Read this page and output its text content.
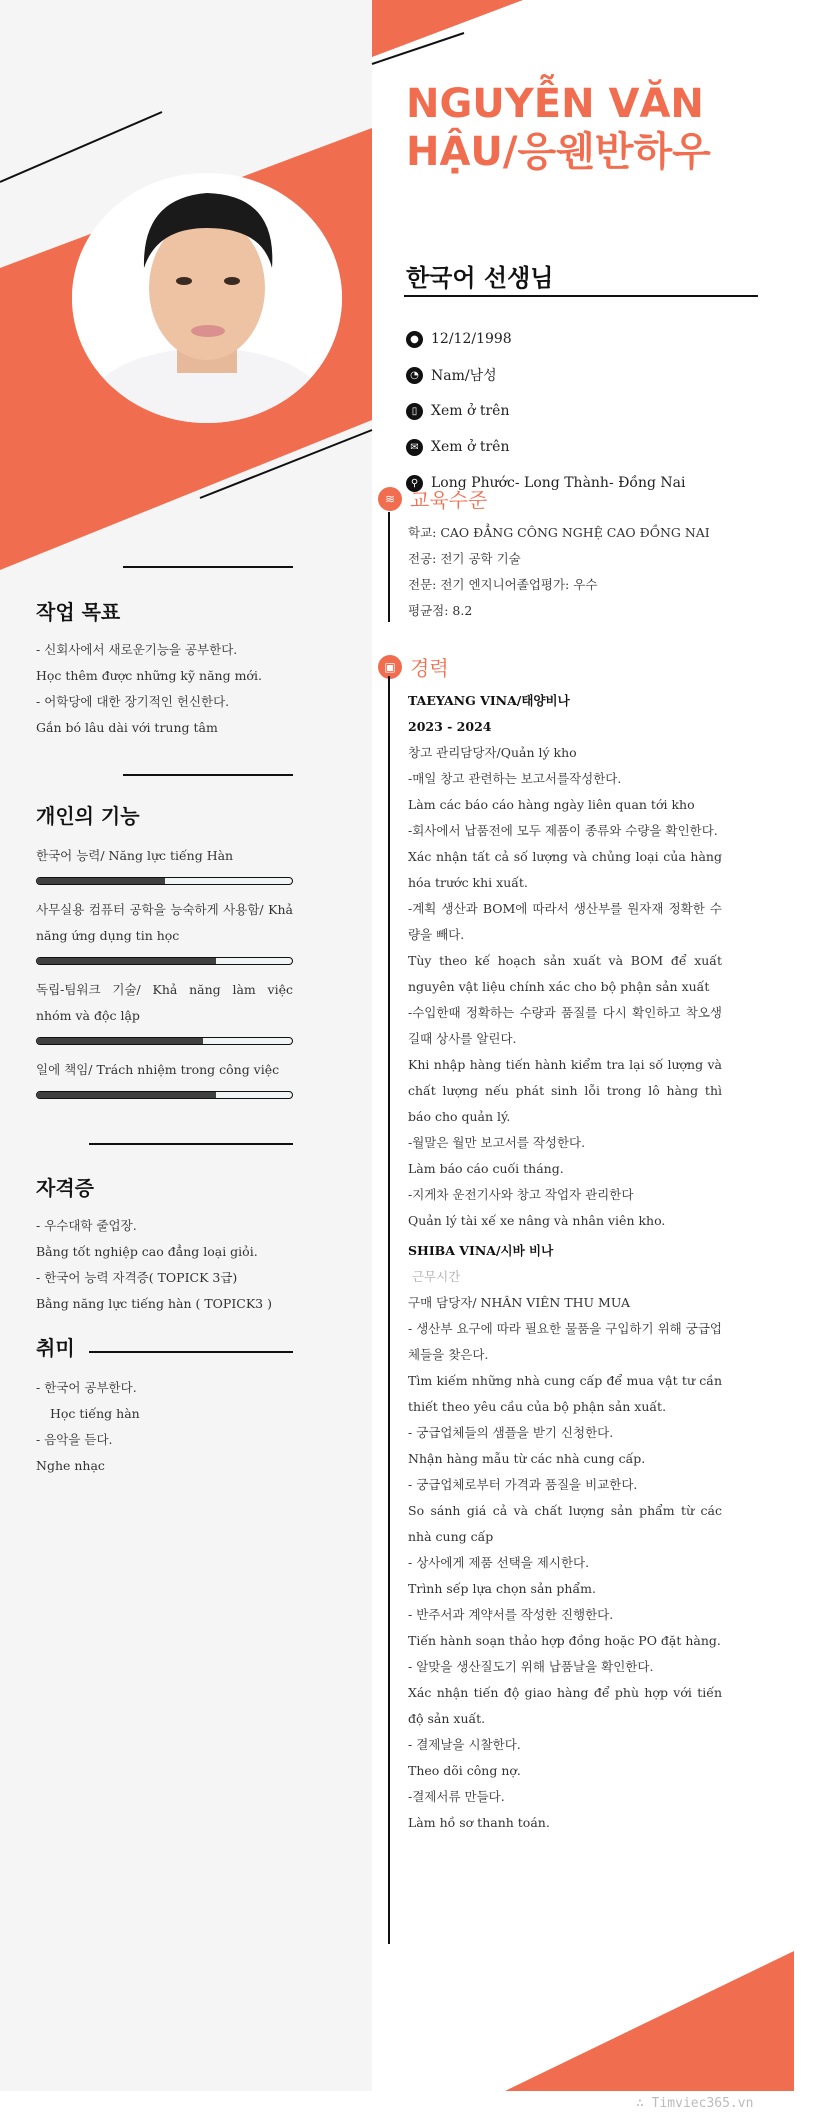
NGUYỄN VĂN HẬU/응웬반하우
한국어 선생님
● 12/12/1998
◔ Nam/남성
▯ Xem ở trên
✉ Xem ở trên
⚲ Long Phước- Long Thành- Đồng Nai
≋ 교육수준
학교: CAO ĐẲNG CÔNG NGHỆ CAO ĐỒNG NAI
전공: 전기 공학 기술
전문: 전기 엔지니어졸업평가: 우수
평균점: 8.2
▣ 경력
TAEYANG VINA/태양비나
2023 - 2024
창고 관리담당자/Quản lý kho
-매일 창고 관련하는 보고서를작성한다.
Làm các báo cáo hàng ngày liên quan tới kho
-회사에서 납품전에 모두 제품이 종류와 수량을 확인한다.
Xác nhận tất cả số lượng và chủng loại của hàng hóa trước khi xuất.
-계획 생산과 BOM에 따라서 생산부를 원자재 정확한 수량을 빼다.
Tùy theo kế hoạch sản xuất và BOM để xuất nguyên vật liệu chính xác cho bộ phận sản xuất
-수입한때 정확하는 수량과 품질를 다시 확인하고 착오생길때 상사를 알린다.
Khi nhập hàng tiến hành kiểm tra lại số lượng và chất lượng nếu phát sinh lỗi trong lô hàng thì báo cho quản lý.
-월말은 월만 보고서를 작성한다.
Làm báo cáo cuối tháng.
-지게차 운전기사와 창고 작업자 관리한다
Quản lý tài xế xe nâng và nhân viên kho.
SHIBA VINA/시바 비나
근무시간
구매 담당자/ NHÂN VIÊN THU MUA
- 생산부 요구에 따라 필요한 물품을 구입하기 위해 궁급업체들을 찾은다.
Tìm kiếm những nhà cung cấp để mua vật tư cần thiết theo yêu cầu của bộ phận sản xuất.
- 궁급업체들의 샘플을 받기 신청한다.
Nhận hàng mẫu từ các nhà cung cấp.
- 궁급업체로부터 가격과 품질을 비교한다.
So sánh giá cả và chất lượng sản phẩm từ các nhà cung cấp
- 상사에게 제품 선택을 제시한다.
Trình sếp lựa chọn sản phẩm.
- 반주서과 계약서를 작성한 진행한다.
Tiến hành soạn thảo hợp đồng hoặc PO đặt hàng.
- 알맞을 생산질도기 위해 납품날을 확인한다.
Xác nhận tiến độ giao hàng để phù hợp với tiến độ sản xuất.
- 결제날을 시찰한다.
Theo dõi công nợ.
-결제서류 만들다.
Làm hồ sơ thanh toán.
작업 목표
- 신회사에서 새로운기능을 공부한다.
Học thêm được những kỹ năng mới.
- 어학당에 대한 장기적인 헌신한다.
Gắn bó lâu dài với trung tâm
개인의 기능
한국어 능력/ Năng lực tiếng Hàn
사무실용 컴퓨터 공학을 능숙하게 사용함/ Khả năng ứng dụng tin học
독립-팀워크 기술/ Khả năng làm việc nhóm và độc lập
일에 책임/ Trách nhiệm trong công việc
자격증
- 우수대학 줄업장.
Bằng tốt nghiệp cao đẳng loại giỏi.
- 한국어 능력 자격증( TOPICK 3급)
Bằng năng lực tiếng hàn ( TOPICK3 )
취미
- 한국어 공부한다.
Học tiếng hàn
- 음악을 듣다.
Nghe nhạc
∴ Timviec365.vn
